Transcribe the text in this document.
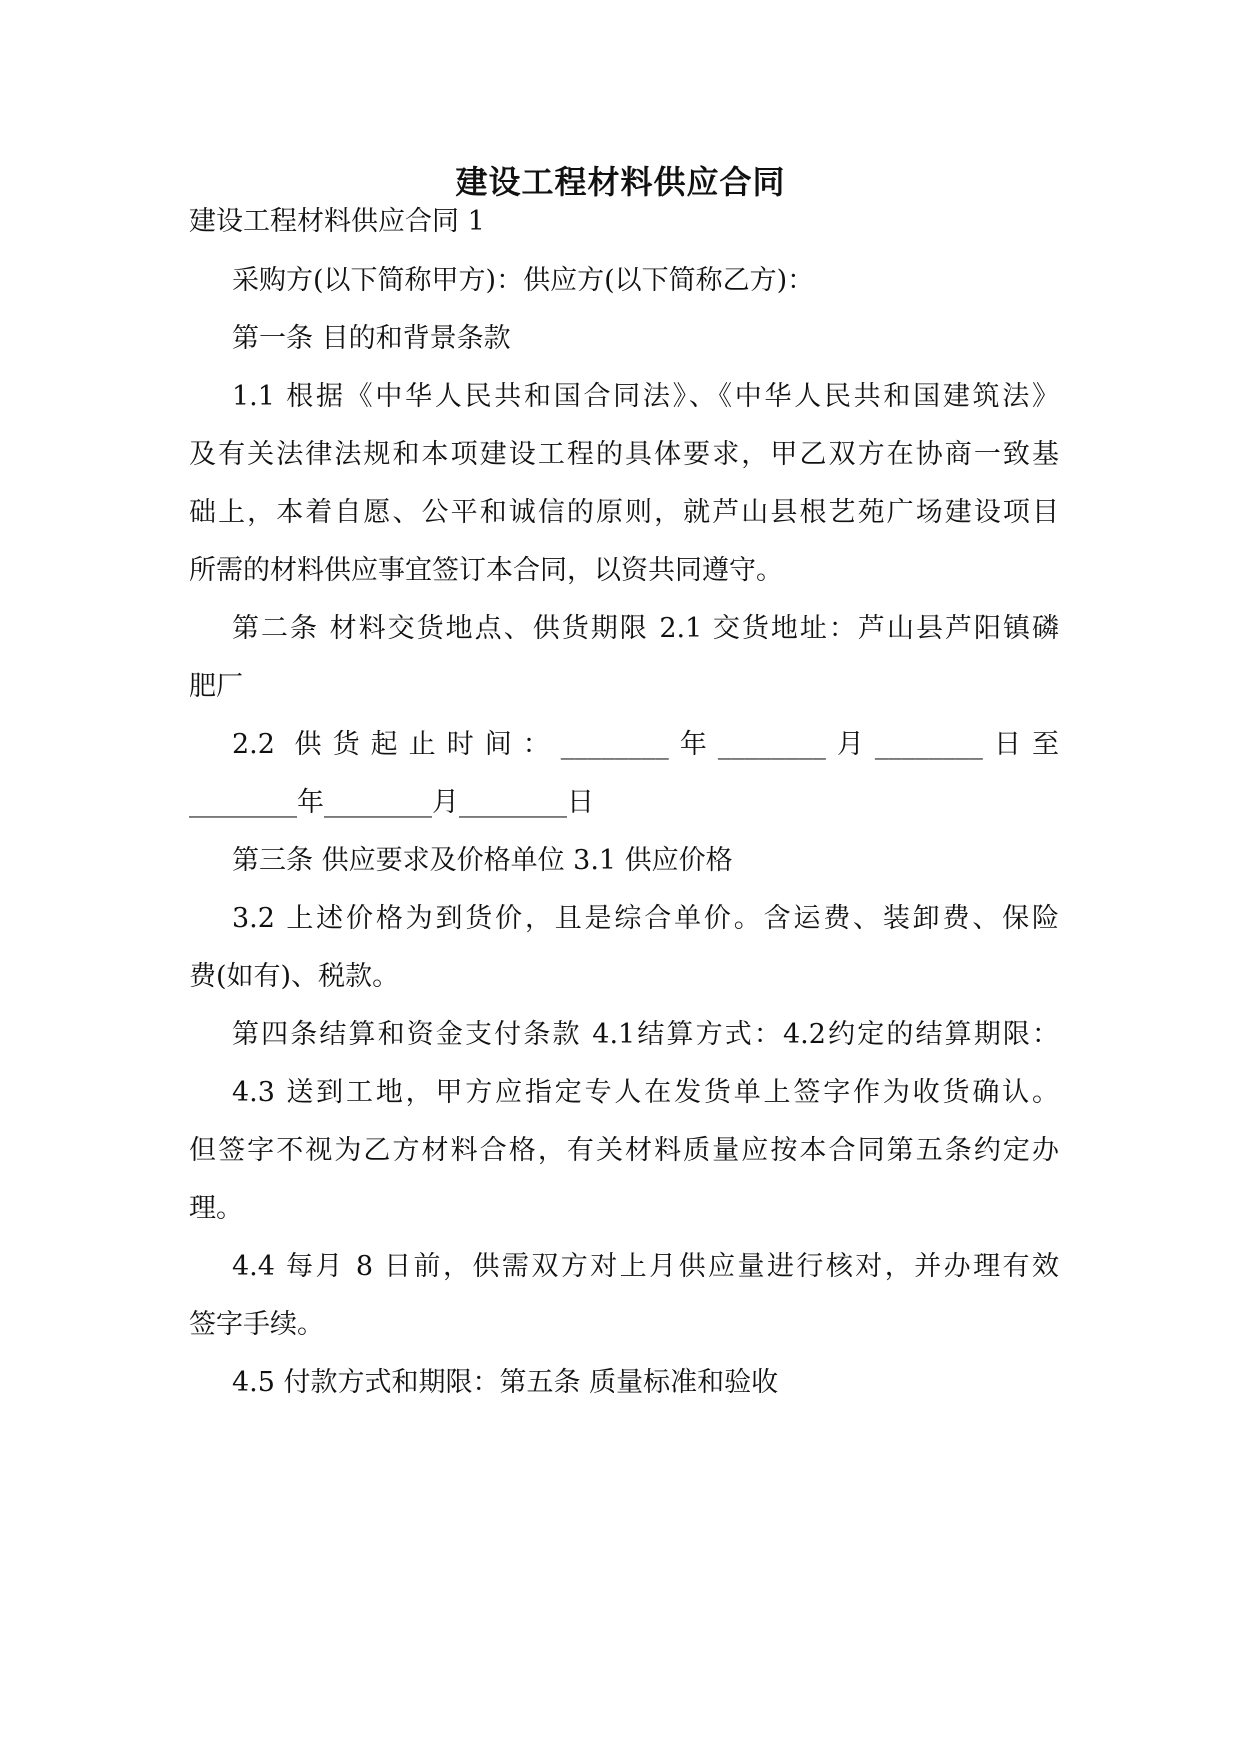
建设工程材料供应合同

建设工程材料供应合同 1

采购方(以下简称甲方)：供应方(以下简称乙方)：

第一条 目的和背景条款

1.1 根据《中华人民共和国合同法》、《中华人民共和国建筑法》

及有关法律法规和本项建设工程的具体要求，甲乙双方在协商一致基

础上，本着自愿、公平和诚信的原则，就芦山县根艺苑广场建设项目

所需的材料供应事宜签订本合同，以资共同遵守。

第二条 材料交货地点、供货期限 2.1 交货地址：芦山县芦阳镇磷

肥厂

2.2 供货起止时间：________年________月________日至

________年________月________日

第三条 供应要求及价格单位 3.1 供应价格

3.2 上述价格为到货价，且是综合单价。含运费、装卸费、保险

费(如有)、税款。

第四条结算和资金支付条款 4.1结算方式：4.2约定的结算期限：

4.3 送到工地，甲方应指定专人在发货单上签字作为收货确认。

但签字不视为乙方材料合格，有关材料质量应按本合同第五条约定办

理。

4.4 每月 8 日前，供需双方对上月供应量进行核对，并办理有效

签字手续。

4.5 付款方式和期限：第五条 质量标准和验收
